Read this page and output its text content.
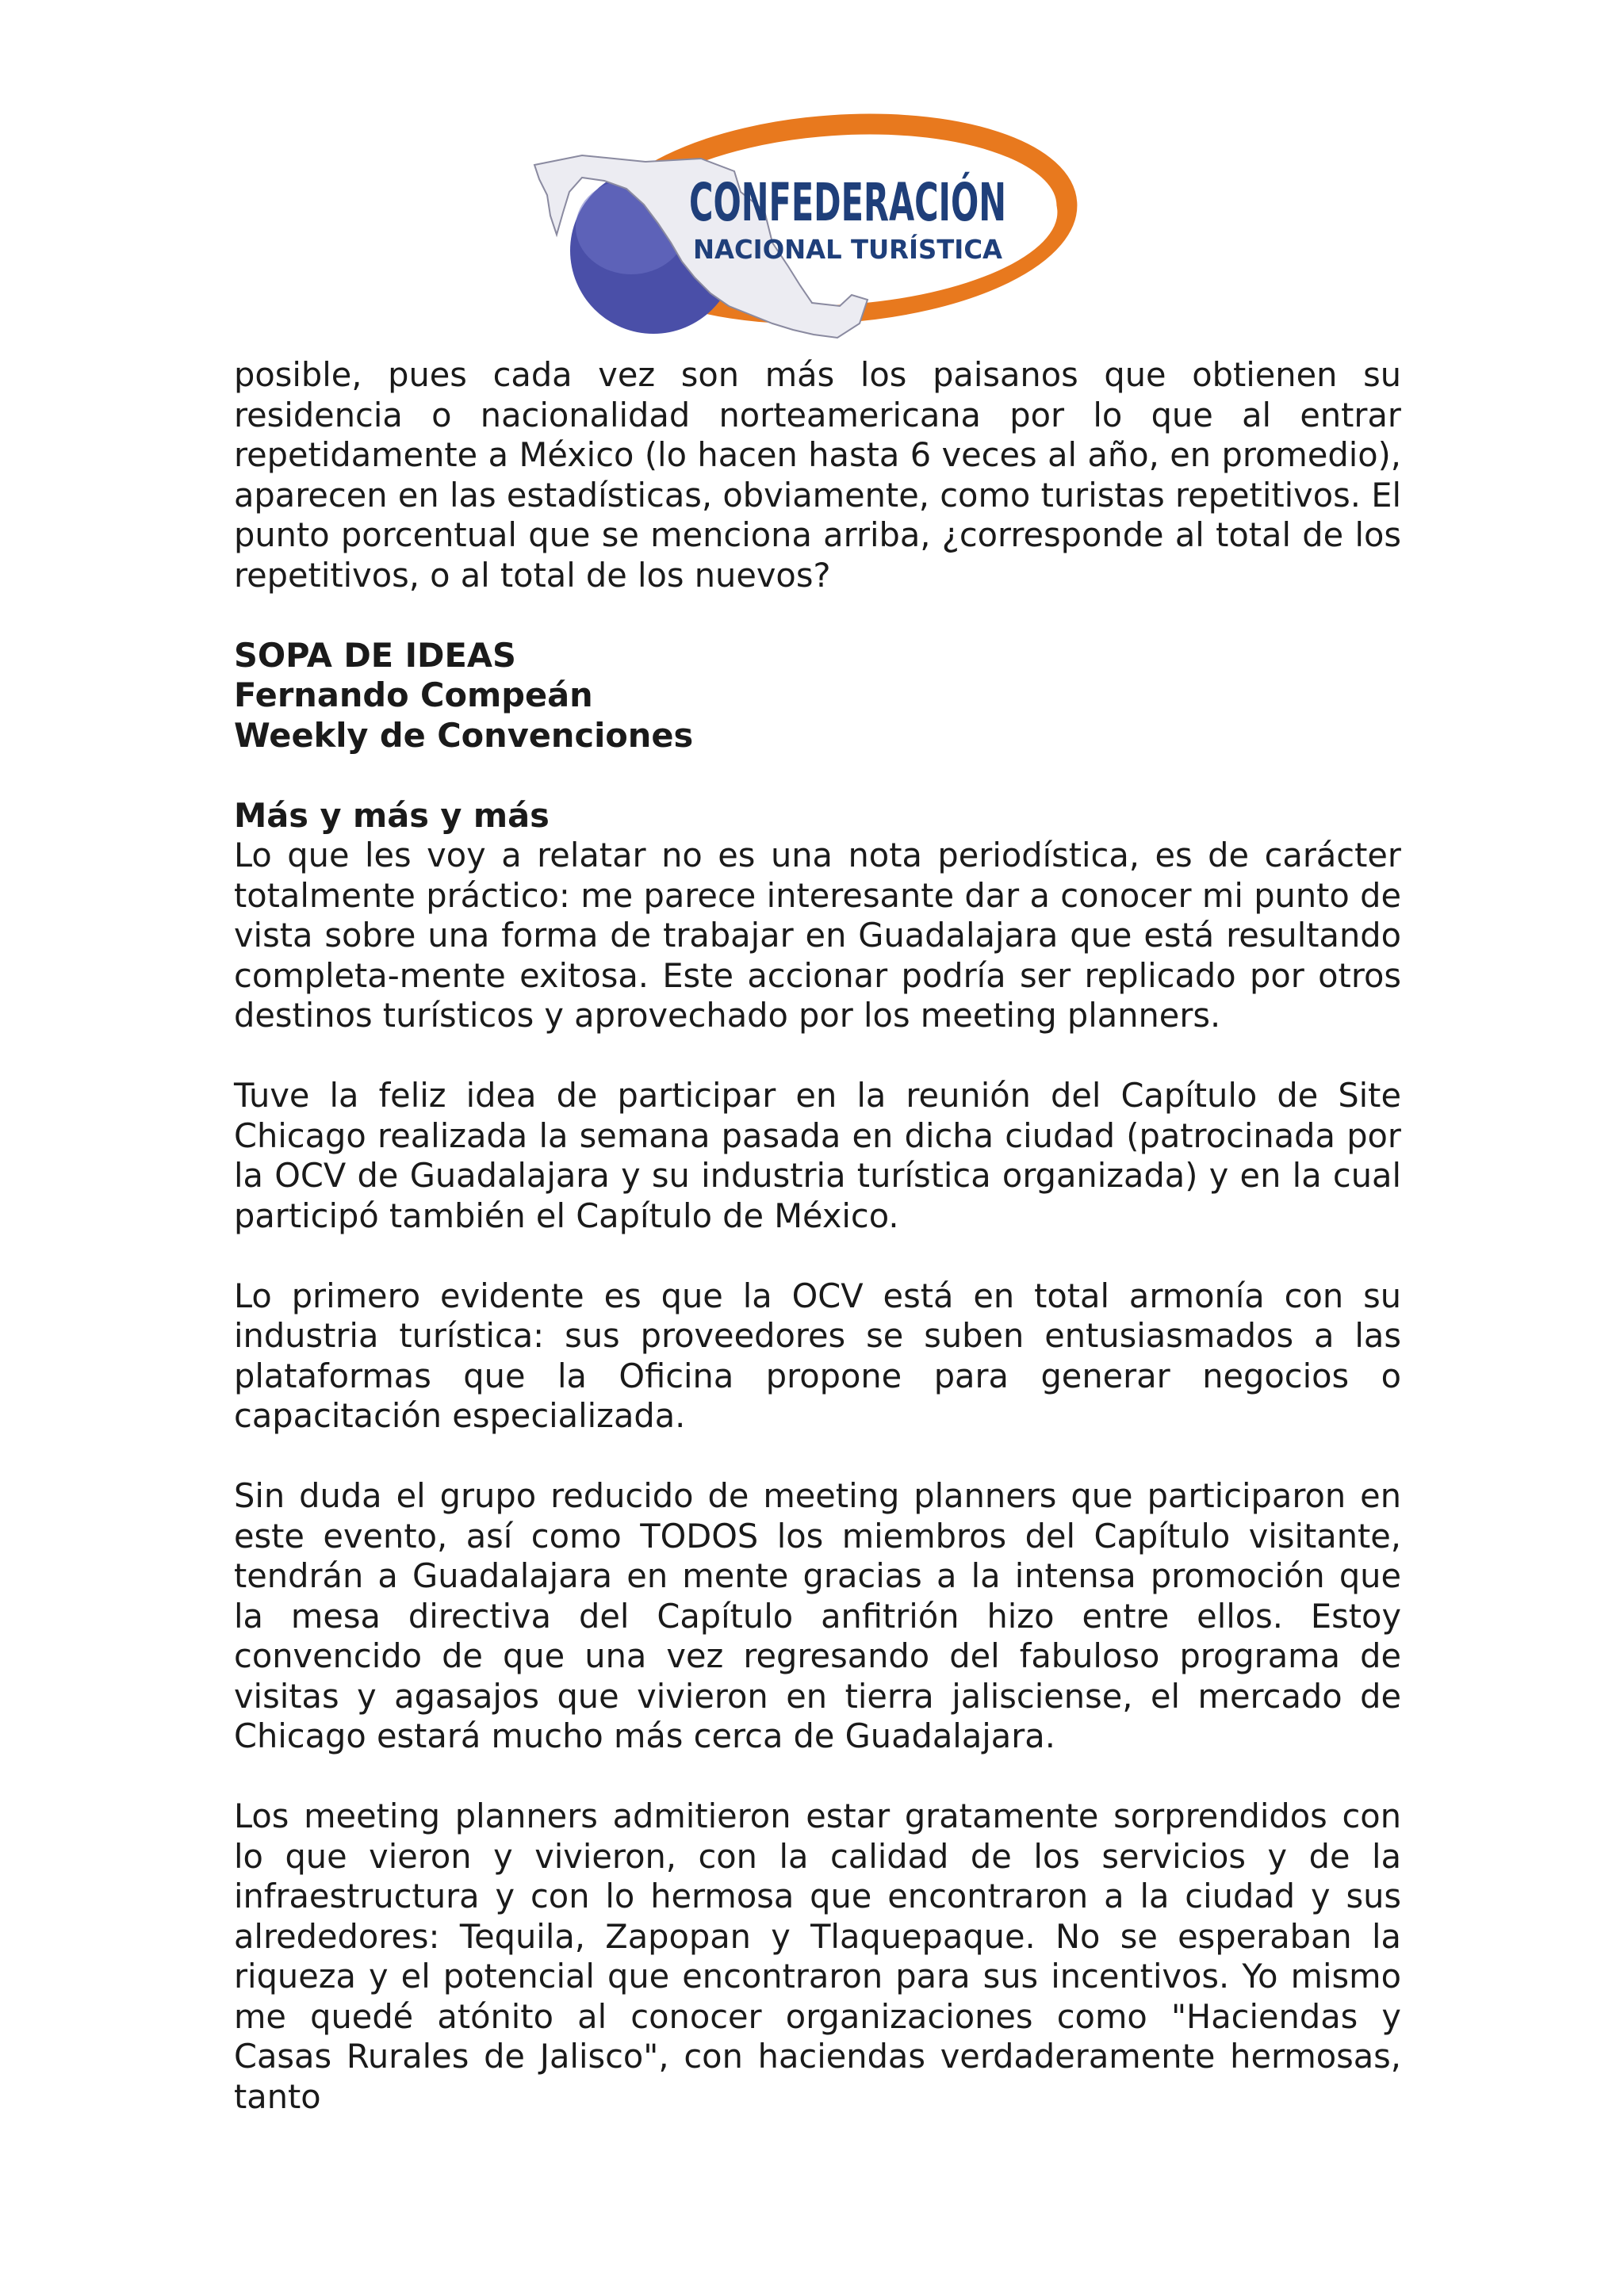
CONFEDERACIÓN
NACIONAL TURÍSTICA

posible, pues cada vez son más los paisanos que obtienen su residencia o nacionalidad norteamericana por lo que al entrar repetidamente a México (lo hacen hasta 6 veces al año, en promedio), aparecen en las estadísticas, obviamente, como turistas repetitivos. El punto porcentual que se menciona arriba, ¿corresponde al total de los repetitivos, o al total de los nuevos?

SOPA DE IDEAS
Fernando Compeán
Weekly de Convenciones
Más y más y más
Lo que les voy a relatar no es una nota periodística, es de carácter totalmente práctico: me parece interesante dar a conocer mi punto de vista sobre una forma de trabajar en Guadalajara que está resultando completa-mente exitosa. Este accionar podría ser replicado por otros destinos turísticos y aprovechado por los meeting planners.

Tuve la feliz idea de participar en la reunión del Capítulo de Site Chicago realizada la semana pasada en dicha ciudad (patrocinada por la OCV de Guadalajara y su industria turística organizada) y en la cual participó también el Capítulo de México.

Lo primero evidente es que la OCV está en total armonía con su industria turística: sus proveedores se suben entusiasmados a las plataformas que la Oficina propone para generar negocios o capacitación especializada.

Sin duda el grupo reducido de meeting planners que participaron en este evento, así como TODOS los miembros del Capítulo visitante, tendrán a Guadalajara en mente gracias a la intensa promoción que la mesa directiva del Capítulo anfitrión hizo entre ellos. Estoy convencido de que una vez regresando del fabuloso programa de visitas y agasajos que vivieron en tierra jalisciense, el mercado de Chicago estará mucho más cerca de Guadalajara.

Los meeting planners admitieron estar gratamente sorprendidos con lo que vieron y vivieron, con la calidad de los servicios y de la infraestructura y con lo hermosa que encontraron a la ciudad y sus alrededores: Tequila, Zapopan y Tlaquepaque. No se esperaban la riqueza y el potencial que encontraron para sus incentivos. Yo mismo me quedé atónito al conocer organizaciones como "Haciendas y Casas Rurales de Jalisco", con haciendas verdaderamente hermosas, tanto
